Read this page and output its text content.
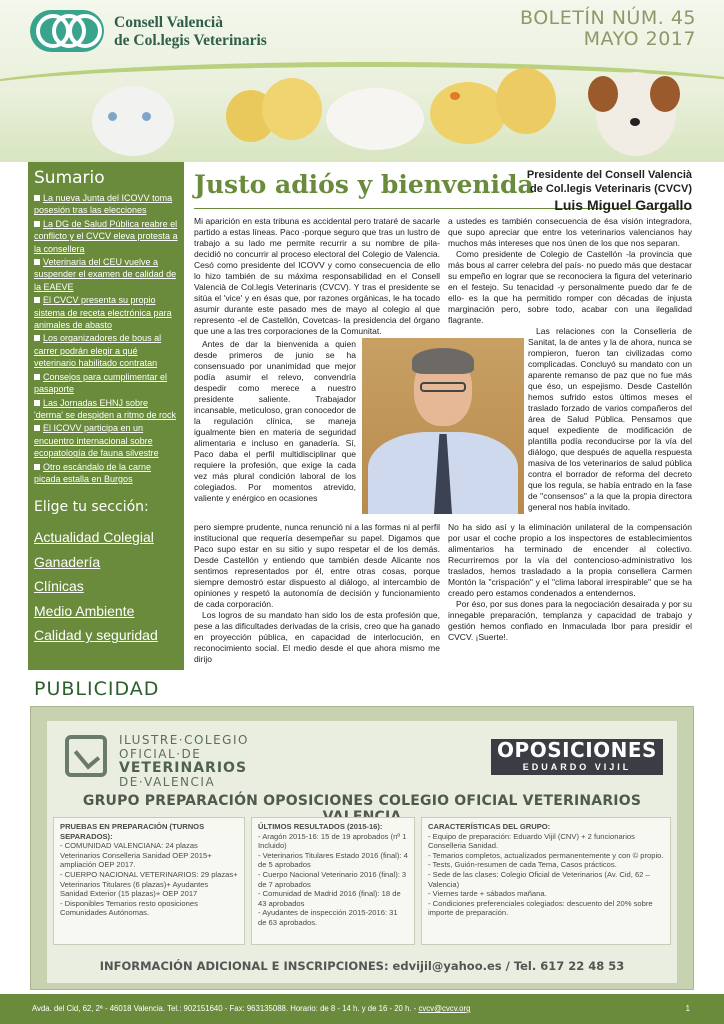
Consell Valencià
de Col.legis Veterinaris
BOLETÍN NÚM. 45
MAYO 2017
Sumario
La nueva Junta del ICOVV toma posesión tras las elecciones
La DG de Salud Pública reabre el conflicto y el CVCV eleva protesta a la consellera
Veterinaria del CEU vuelve a suspender el examen de calidad de la EAEVE
El CVCV presenta su propio sistema de receta electrónica para animales de abasto
Los organizadores de bous al carrer podrán elegir a qué veterinario habilitado contratan
Consejos para cumplimentar el pasaporte
Las Jornadas EHNJ sobre 'derma' se despiden a ritmo de rock
El ICOVV participa en un encuentro internacional sobre ecopatología de fauna silvestre
Otro escándalo de la carne picada estalla en Burgos
Elige tu sección:
Actualidad Colegial
Ganadería
Clínicas
Medio Ambiente
Calidad y seguridad
Justo adiós y bienvenida
Presidente del Consell Valencià
de Col.legis Veterinaris (CVCV)
Luis Miguel Gargallo

Mi aparición en esta tribuna es accidental pero trataré de sacarle partido a estas líneas. Paco -porque seguro que tras un lustro de trabajo a su lado me permite recurrir a su nombre de pila- decidió no concurrir al proceso electoral del Colegio de Valencia. Cesó como presidente del ICOVV y como consecuencia de ello lo hizo también de su máxima responsabilidad en el Consell Valencià de Col.legis Veterinaris (CVCV). Y tras el presidente se sitúa el 'vice' y en ésas que, por razones orgánicas, le ha tocado asumir durante este pasado mes de mayo al colegio al que represento -el de Castellón, Covetcas- la presidencia del órgano que une a las tres corporaciones de la Comunitat.

Antes de dar la bienvenida a quien desde primeros de junio se ha consensuado por unanimidad que mejor podía asumir el relevo, convendría despedir como merece a nuestro presidente saliente. Trabajador incansable, meticuloso, gran conocedor de la regulación clínica, se maneja igualmente bien en materia de seguridad alimentaria e incluso en ganadería. Sí, Paco daba el perfil multidisciplinar que requiere la profesión, que exige la cada vez más plural condición laboral de los colegiados. Por momentos atrevido, valiente y enérgico en ocasiones

a ustedes es también consecuencia de ésa visión integradora, que supo apreciar que entre los veterinarios valencianos hay muchos más intereses que nos únen de los que nos separan.

Como presidente de Colegio de Castellón -la provincia que más bous al carrer celebra del país- no puedo más que destacar su empeño en lograr que se reconociera la figura del veterinario en el festejo. Su tenacidad -y personalmente puedo dar fe de ello- es la que ha permitido romper con décadas de injusta marginación pero, sobre todo, acabar con una ilegalidad flagrante.

Las relaciones con la Conselleria de Sanitat, la de antes y la de ahora, nunca se rompieron, fueron tan civilizadas como complicadas. Concluyó su mandato con un aparente remanso de paz que no fue más que éso, un espejismo. Desde Castellón hemos sufrido estos últimos meses el traslado forzado de varios compañeros del área de Salud Pública. Pensamos que aquel expediente de modificación de plantilla podía reconducirse por la vía del diálogo, que después de aquella respuesta masiva de los veterinarios de salud pública contra el borrador de reforma del decreto que los regula, se había entrado en la fase de "consensos" a la que la propia directora general nos había invitado.

pero siempre prudente, nunca renunció ni a las formas ni al perfil institucional que requería desempeñar su papel. Digamos que Paco supo estar en su sitio y supo respetar el de los demás. Desde Castellón y entiendo que también desde Alicante nos sentimos representados por él, entre otras cosas, porque siempre demostró estar dispuesto al diálogo, al intercambio de opiniones y respetó la autonomía de decisión y funcionamiento de cada corporación.

Los logros de su mandato han sido los de esta profesión que, pese a las dificultades derivadas de la crisis, creo que ha ganado en proyección pública, en capacidad de interlocución, en reconocimiento social. El medio desde el que ahora mismo me dirijo

No ha sido así y la eliminación unilateral de la compensación por usar el coche propio a los inspectores de establecimientos alimentarios ha terminado de encender al colectivo. Recurriremos por la vía del contencioso-administrativo los traslados, hemos trasladado a la propia consellera Carmen Montón la "crispación" y el "clima laboral irrespirable" que se ha creado pero estamos condenados a entendernos.

Por éso, por sus dones para la negociación desairada y por su innegable preparación, templanza y capacidad de trabajo y gestión hemos confiado en Inmaculada Ibor para presidir el CVCV. ¡Suerte!.

PUBLICIDAD
ILUSTRE·COLEGIO
OFICIAL·DE
VETERINARIOS
DE·VALENCIA
OPOSICIONES
EDUARDO VIJIL
GRUPO PREPARACIÓN OPOSICIONES COLEGIO OFICIAL VETERINARIOS
PRUEBAS EN PREPARACIÓN (TURNOS SEPARADOS):
- COMUNIDAD VALENCIANA: 24 plazas Veterinarios Conselleria Sanidad OEP 2015+ ampliación OEP 2017.
- CUERPO NACIONAL VETERINARIOS: 29 plazas+ Veterinarios Titulares (6 plazas)+ Ayudantes Sanidad Exterior (15 plazas)+ OEP 2017
- Disponibles Temarios resto oposiciones Comunidades Autónomas.
ÚLTIMOS RESULTADOS (2015-16):
- Aragón 2015-16: 15 de 19 aprobados (nº 1 Incluido)
- Veterinarios Titulares Estado 2016 (final): 4 de 5 aprobados
- Cuerpo Nacional Veterinario 2016 (final): 3 de 7 aprobados
- Comunidad de Madrid 2016 (final): 18 de 43 aprobados
- Ayudantes de inspección 2015-2016: 31 de 63 aprobados.
CARACTERÍSTICAS DEL GRUPO:
- Equipo de preparación: Eduardo Vijil (CNV) + 2 funcionarios Conselleria Sanidad.
- Temarios completos, actualizados permanentemente y con © propio.
- Tests, Guión-resumen de cada Tema, Casos prácticos.
- Sede de las clases: Colegio Oficial de Veterinarios (Av. Cid, 62 – Valencia)
- Viernes tarde + sábados mañana.
- Condiciones preferenciales colegiados: descuento del 20% sobre importe de preparación.
INFORMACIÓN ADICIONAL E INSCRIPCIONES: edvijil@yahoo.es / Tel. 617 22 48 53
Avda. del Cid, 62, 2ª - 46018 Valencia. Tel.: 902151640 - Fax: 963135088. Horario: de 8 - 14 h. y de 16 - 20 h. - cvcv@cvcv.org	1
